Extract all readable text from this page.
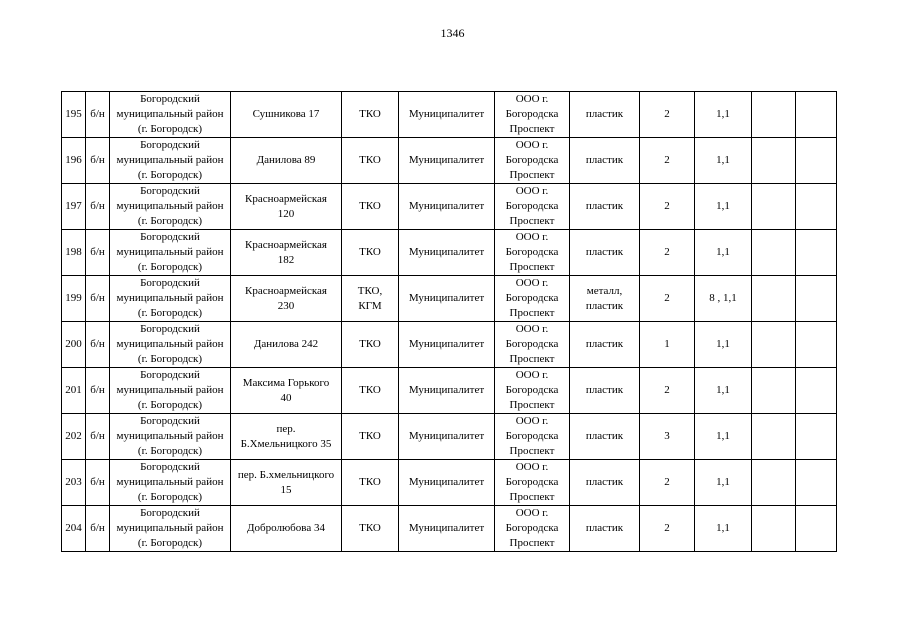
1346
195	б/н	Богородский
муниципальный район
(г. Богородск)	Сушникова 17	ТКО	Муниципалитет	ООО г.
Богородска
Проспект	пластик	2	1,1		
196	б/н	Богородский
муниципальный район
(г. Богородск)	Данилова 89	ТКО	Муниципалитет	ООО г.
Богородска
Проспект	пластик	2	1,1		
197	б/н	Богородский
муниципальный район
(г. Богородск)	Красноармейская
120	ТКО	Муниципалитет	ООО г.
Богородска
Проспект	пластик	2	1,1		
198	б/н	Богородский
муниципальный район
(г. Богородск)	Красноармейская
182	ТКО	Муниципалитет	ООО г.
Богородска
Проспект	пластик	2	1,1		
199	б/н	Богородский
муниципальный район
(г. Богородск)	Красноармейская
230	ТКО,
КГМ	Муниципалитет	ООО г.
Богородска
Проспект	металл,
пластик	2	8 , 1,1		
200	б/н	Богородский
муниципальный район
(г. Богородск)	Данилова 242	ТКО	Муниципалитет	ООО г.
Богородска
Проспект	пластик	1	1,1		
201	б/н	Богородский
муниципальный район
(г. Богородск)	Максима Горького
40	ТКО	Муниципалитет	ООО г.
Богородска
Проспект	пластик	2	1,1		
202	б/н	Богородский
муниципальный район
(г. Богородск)	пер.
Б.Хмельницкого 35	ТКО	Муниципалитет	ООО г.
Богородска
Проспект	пластик	3	1,1		
203	б/н	Богородский
муниципальный район
(г. Богородск)	пер. Б.хмельницкого
15	ТКО	Муниципалитет	ООО г.
Богородска
Проспект	пластик	2	1,1		
204	б/н	Богородский
муниципальный район
(г. Богородск)	Добролюбова 34	ТКО	Муниципалитет	ООО г.
Богородска
Проспект	пластик	2	1,1		
